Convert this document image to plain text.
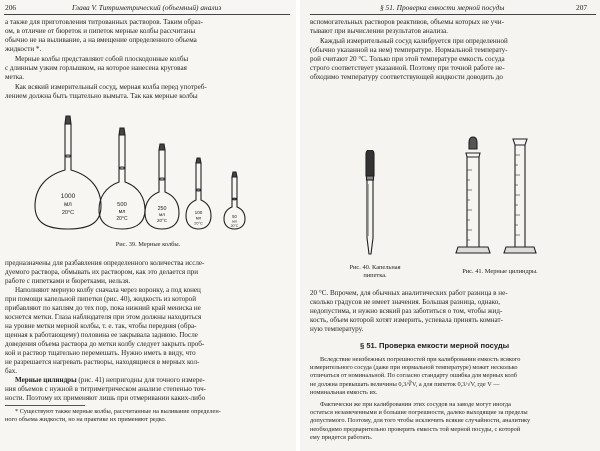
206	Глава V. Титриметрический (объемный) анализ
а также для приготовления титрованных растворов. Таким образ-
ом, в отличие от бюреток и пипеток мерные колбы рассчитаны
обычно не на выливание, а на вмещение определенного объема
жидкости *.
Мерные колбы представляют собой плоскодонные колбы
с длинным узким горлышком, на которое нанесена круговая
метка.
Как всякий измерительный сосуд, мерная колба перед употреб-
лением должна быть тщательно вымыта. Так как мерные колбы
1000
мл
20°C
500
мл
20°C
250
мл
20°C
100
мл
20°C
50
мл
20°C
Рис. 39. Мерные колбы.
предназначены для разбавления определенного количества иссле-
дуемого раствора, обмывать их раствором, как это делается при
работе с пипетками и бюретками, нельзя.
Наполняют мерную колбу сначала через воронку, а под конец
при помощи капельной пипетки (рис. 40), жидкость из которой
прибавляют по каплям до тех пор, пока нижний край мениска не
коснется метки. Глаза наблюдателя при этом должны находиться
на уровне метки мерной колбы, т. е. так, чтобы передняя (обра-
щенная к работающему) половина ее закрывала заднюю. После
доведения объема раствора до метки колбу следует закрыть проб-
кой и раствор тщательно перемешать. Нужно иметь в виду, что
не разрешается нагревать растворы, находящиеся в мерных кол-
бах.
Мерные цилиндры (рис. 41) непригодны для точного измере-
ния объемов с нужной в титриметрическом анализе степенью точ-
ности. Поэтому их применяют лишь при отмеривании каких-либо
* Существуют также мерные колбы, рассчитанные на выливание определен-
ного объема жидкости, но на практике их применяют редко.
§ 51. Проверка емкости мерной посуды	207
вспомогательных растворов реактивов, объемы которых не учи-
тывают при вычислении результатов анализа.
Каждый измерительный сосуд калибруется при определенной
(обычно указанной на нем) температуре. Нормальной температу-
рой считают 20 °С. Только при этой температуре емкость сосуда
строго соответствует указанной. Поэтому при точной работе не-
обходимо температуру соответствующей жидкости доводить до
Рис. 40. Капельная
пипетка.
Рис. 41. Мерные цилиндры.
20 °С. Впрочем, для обычных аналитических работ разница в не-
сколько градусов не имеет значения. Большая разница, однако,
недопустима, и нужно всякий раз заботиться о том, чтобы жид-
кость, объем которой хотят измерить, успевала принять комнат-
ную температуру.
§ 51. Проверка емкости мерной посуды
Вследствие неизбежных погрешностей при калибровании емкость всякого
измерительного сосуда (даже при нормальной температуре) может несколько
отличаться от номинальной. По согласно стандарту ошибка для мерных колб
не должна превышать величины 0,3/∛V, а для пипеток 0,3/√V, где V —
номинальная емкость их.
Фактически же при калибровании этих сосудов на заводе могут иногда
остаться незамеченными и большие погрешности, далеко выходящие за пределы
допустимого. Поэтому, для того чтобы исключить всякие случайности, аналитику
необходимо предварительно проверить емкость той мерной посуды, с которой
ему придется работать.
